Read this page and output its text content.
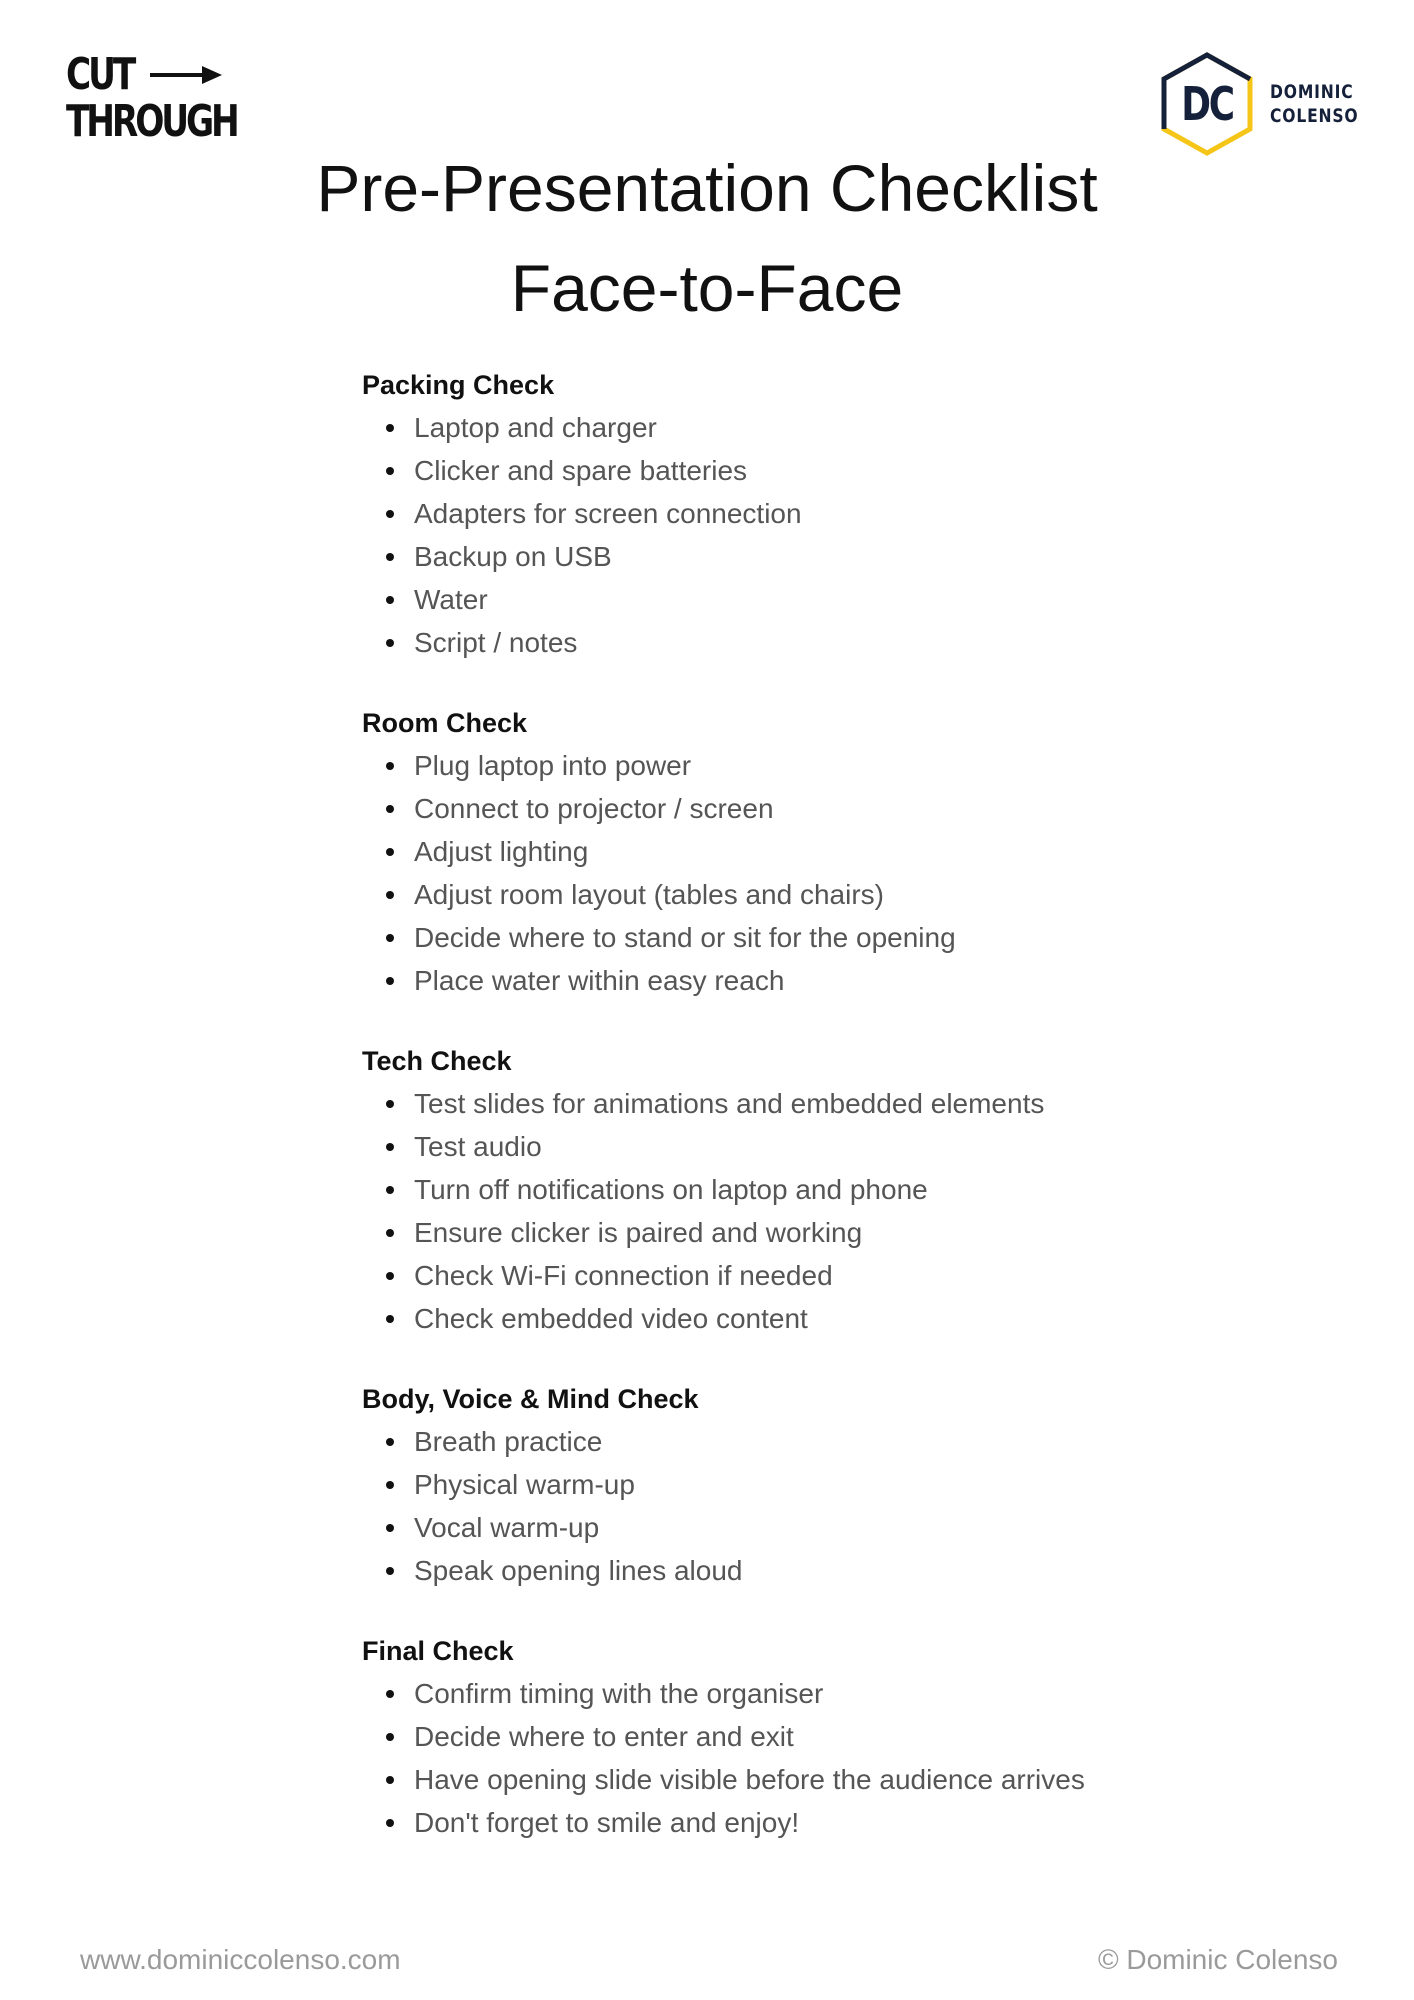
CUT
THROUGH	DC DOMINIC
COLENSO
Pre-Presentation Checklist
Face-to-Face
Packing Check
Laptop and charger
Clicker and spare batteries
Adapters for screen connection
Backup on USB
Water
Script / notes
Room Check
Plug laptop into power
Connect to projector / screen
Adjust lighting
Adjust room layout (tables and chairs)
Decide where to stand or sit for the opening
Place water within easy reach
Tech Check
Test slides for animations and embedded elements
Test audio
Turn off notifications on laptop and phone
Ensure clicker is paired and working
Check Wi-Fi connection if needed
Check embedded video content
Body, Voice & Mind Check
Breath practice
Physical warm-up
Vocal warm-up
Speak opening lines aloud
Final Check
Confirm timing with the organiser
Decide where to enter and exit
Have opening slide visible before the audience arrives
Don't forget to smile and enjoy!
www.dominiccolenso.com	© Dominic Colenso
